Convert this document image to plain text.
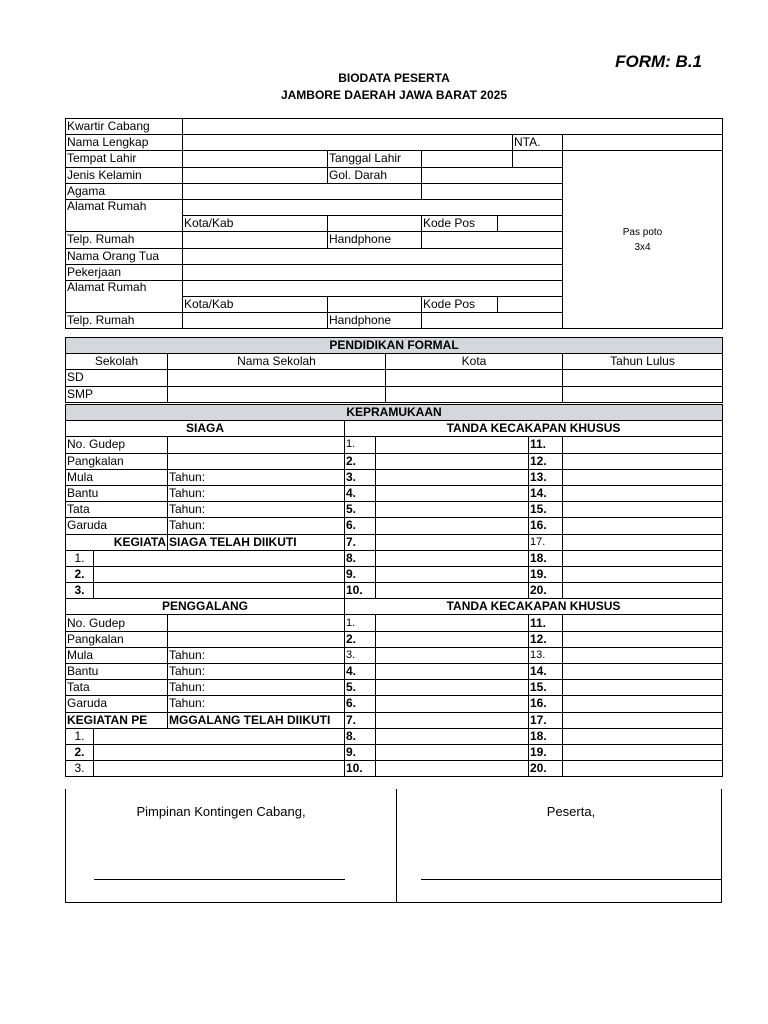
FORM: B.1
BIODATA PESERTA
JAMBORE DAERAH JAWA BARAT 2025
Kwartir Cabang						
Nama Lengkap					NTA.	
Tempat Lahir		Tanggal Lahir				Pas poto
3x4

Jenis Kelamin		Gol. Darah				
Agama						
Alamat Rumah						
	Kota/Kab		Kode Pos			
Telp. Rumah		Handphone				
Nama Orang Tua						
Pekerjaan						
Alamat Rumah						
	Kota/Kab		Kode Pos			
Telp. Rumah		Handphone				
PENDIDIKAN FORMAL			
Sekolah	Nama Sekolah	Kota	Tahun Lulus
SD			
SMP			
KEPRAMUKAAN						
SIAGA			TANDA KECAKAPAN KHUSUS			
No. Gudep			1.		11.	
Pangkalan			2.		12.	
Mula		Tahun:	3.		13.	
Bantu		Tahun:	4.		14.	
Tata		Tahun:	5.		15.	
Garuda		Tahun:	6.		16.	
KEGIATA		SIAGA TELAH DIIKUTI	7.		17.	
1.			8.		18.	
2.			9.		19.	
3.			10.		20.	
PENGGALANG			TANDA KECAKAPAN KHUSUS			
No. Gudep			1.		11.	
Pangkalan			2.		12.	
Mula		Tahun:	3.		13.	
Bantu		Tahun:	4.		14.	
Tata		Tahun:	5.		15.	
Garuda		Tahun:	6.		16.	
KEGIATAN PE		MGGALANG TELAH DIIKUTI	7.		17.	
1.			8.		18.	
2.			9.		19.	
3.			10.		20.	
Pimpinan Kontingen Cabang,	Peserta,
